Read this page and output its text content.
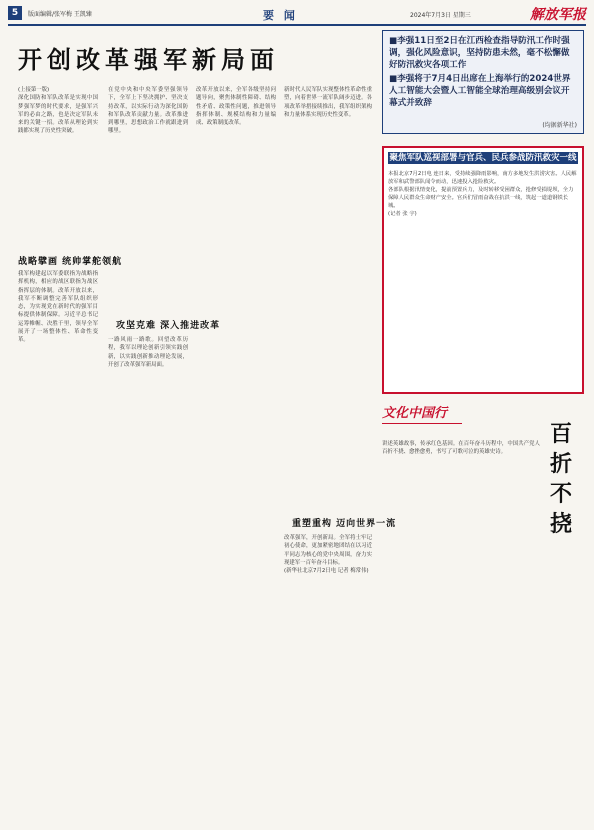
5	版面编辑/张军梅 王凯臻	要 闻	2024年7月3日 星期三	解放军报
开创改革强军新局面
■李强11日至2日在江西检查指导防汛工作时强调，强化风险意识，坚持防患未然，毫不松懈做好防汛救灾各项工作
■李强将于7月4日出席在上海举行的2024世界人工智能大会暨人工智能全球治理高级别会议开幕式并致辞
(均据新华社)
(上接第一版)
深化国防和军队改革是实现中国梦强军梦的时代要求，是强军兴军的必由之路，也是决定军队未来的关键一招。改革从理论到实践都实现了历史性突破。
战略擘画 统帅掌舵领航
我军构建起以军委联指为战略指挥机构，相应的战区联指为战区指挥层的体制。改革开放以来，我军不断调整完善军队组织形态，为实现党在新时代的强军目标提供体制保障。习近平总书记运筹帷幄、决胜千里，领导全军展开了一场整体性、革命性变革。
在党中央和中央军委坚强领导下，全军上下坚决拥护、坚决支持改革，以实际行动为深化国防和军队改革贡献力量。改革推进到哪里，思想政治工作就跟进到哪里。
攻坚克难 深入推进改革
一路风雨一路歌。回望改革历程，我军以理论创新引领实践创新，以实践创新推动理论发展，开创了改革强军新局面。
改革开放以来，全军各级坚持问题导向，聚焦体制性障碍、结构性矛盾、政策性问题，推进领导指挥体制、规模结构和力量编成、政策制度改革。
新时代人民军队实现整体性革命性重塑，向着世界一流军队阔步迈进。各项改革举措接续推出，我军组织架构和力量体系实现历史性变革。
重塑重构 迈向世界一流
改革强军，开创新局。全军将士牢记初心使命，更加紧密地团结在以习近平同志为核心的党中央周围，奋力实现建军一百年奋斗目标。
(新华社北京7月2日电 记者 梅常伟)
聚焦军队巡视部署与官兵、民兵参战防汛救灾一线
本报北京7月2日电 连日来，受持续强降雨影响，南方多地发生洪涝灾害。人民解放军和武警部队闻令而动，迅速投入抢险救灾。
各部队根据汛情变化，提前预置兵力，及时转移受困群众，抢修受损堤坝，全力保障人民群众生命财产安全。官兵们冒雨奋战在抗洪一线，筑起一道道钢铁长城。
(记者 张 宇)
文化中国行
百 折 不 挠
讲述英雄故事，传承红色基因。在百年奋斗历程中，中国共产党人百折不挠、愈挫愈勇，书写了可歌可泣的英雄史诗。
